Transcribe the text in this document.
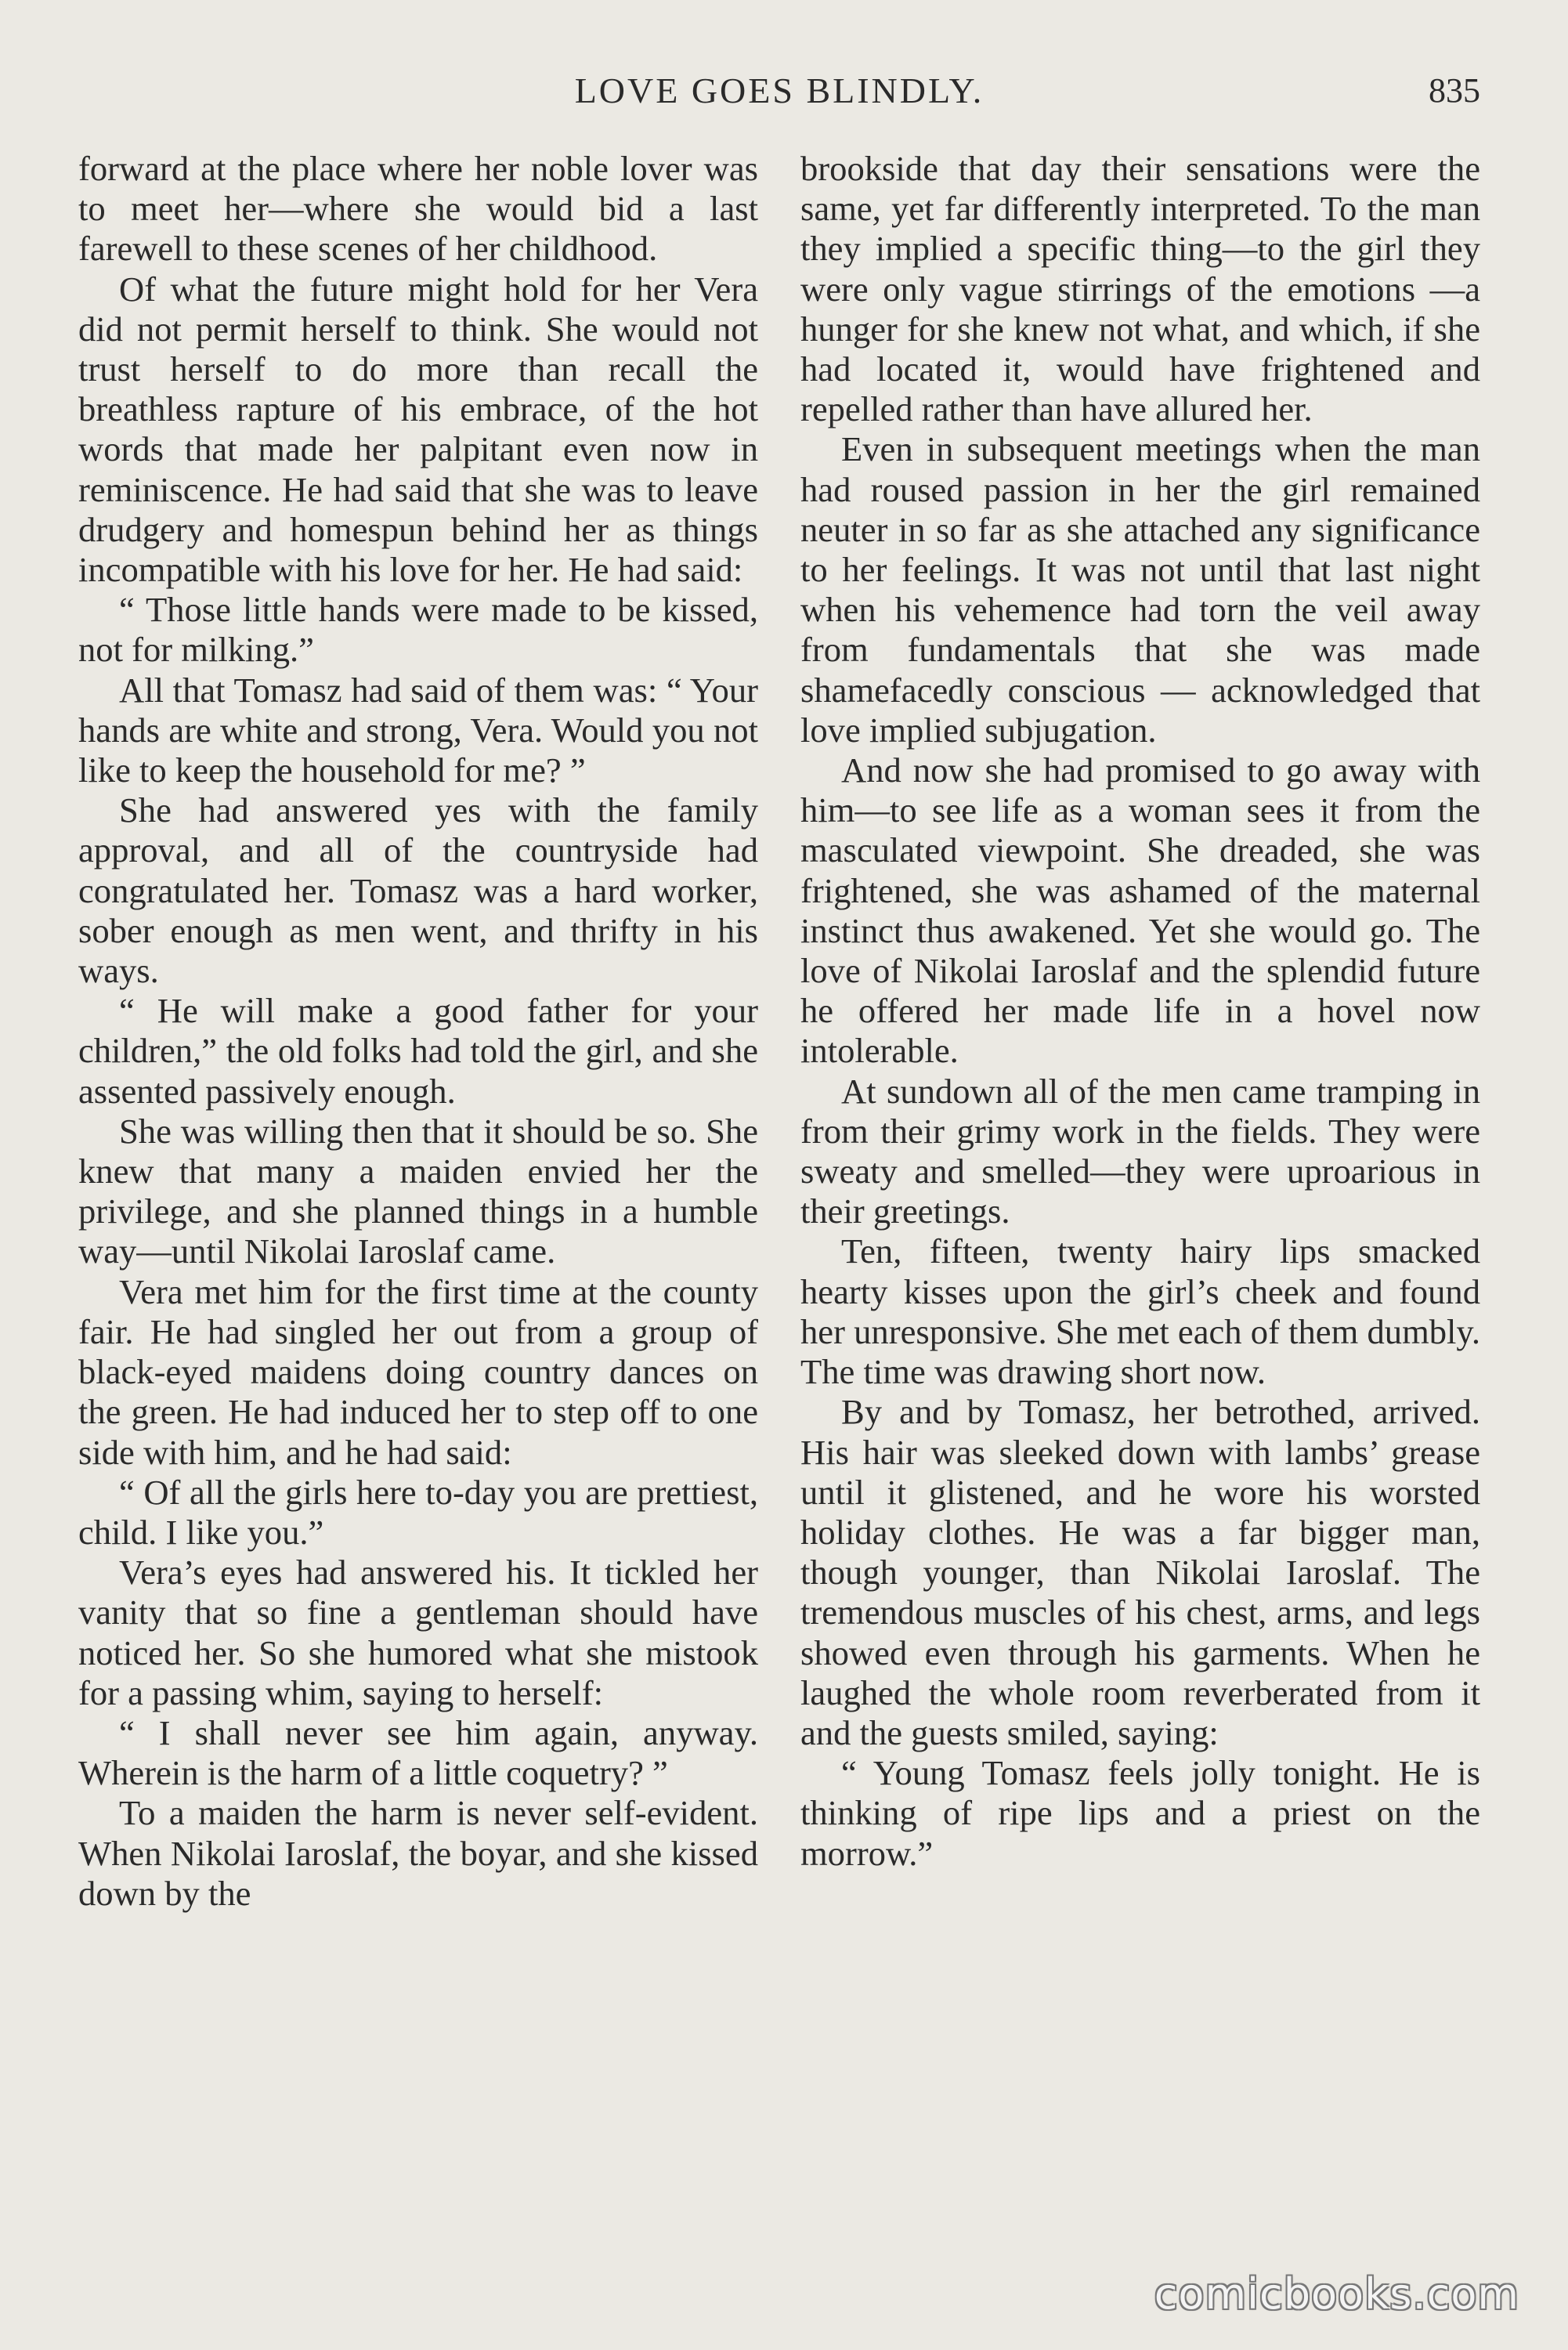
LOVE GOES BLINDLY.	835

forward at the place where her noble lover was to meet her—where she would bid a last farewell to these scenes of her childhood.

Of what the future might hold for her Vera did not permit herself to think. She would not trust herself to do more than recall the breathless rapture of his embrace, of the hot words that made her palpitant even now in reminiscence. He had said that she was to leave drudgery and homespun behind her as things incompatible with his love for her. He had said:

“ Those little hands were made to be kissed, not for milking.”

All that Tomasz had said of them was: “ Your hands are white and strong, Vera. Would you not like to keep the household for me? ”

She had answered yes with the family approval, and all of the countryside had congratulated her. Tomasz was a hard worker, sober enough as men went, and thrifty in his ways.

“ He will make a good father for your children,” the old folks had told the girl, and she assented passively enough.

She was willing then that it should be so. She knew that many a maiden envied her the privilege, and she planned things in a humble way—until Nikolai Iaroslaf came.

Vera met him for the first time at the county fair. He had singled her out from a group of black-eyed maidens doing country dances on the green. He had induced her to step off to one side with him, and he had said:

“ Of all the girls here to-day you are prettiest, child. I like you.”

Vera’s eyes had answered his. It tickled her vanity that so fine a gentleman should have noticed her. So she humored what she mistook for a passing whim, saying to herself:

“ I shall never see him again, anyway. Wherein is the harm of a little coquetry? ”

To a maiden the harm is never self-evident. When Nikolai Iaroslaf, the boyar, and she kissed down by the

brookside that day their sensations were the same, yet far differently interpreted. To the man they implied a specific thing—to the girl they were only vague stirrings of the emotions —a hunger for she knew not what, and which, if she had located it, would have frightened and repelled rather than have allured her.

Even in subsequent meetings when the man had roused passion in her the girl remained neuter in so far as she attached any significance to her feelings. It was not until that last night when his vehemence had torn the veil away from fundamentals that she was made shamefacedly conscious — acknowledged that love implied subjugation.

And now she had promised to go away with him—to see life as a woman sees it from the masculated viewpoint. She dreaded, she was frightened, she was ashamed of the maternal instinct thus awakened. Yet she would go. The love of Nikolai Iaroslaf and the splendid future he offered her made life in a hovel now intolerable.

At sundown all of the men came tramping in from their grimy work in the fields. They were sweaty and smelled—they were uproarious in their greetings.

Ten, fifteen, twenty hairy lips smacked hearty kisses upon the girl’s cheek and found her unresponsive. She met each of them dumbly. The time was drawing short now.

By and by Tomasz, her betrothed, arrived. His hair was sleeked down with lambs’ grease until it glistened, and he wore his worsted holiday clothes. He was a far bigger man, though younger, than Nikolai Iaroslaf. The tremendous muscles of his chest, arms, and legs showed even through his garments. When he laughed the whole room reverberated from it and the guests smiled, saying:

“ Young Tomasz feels jolly tonight. He is thinking of ripe lips and a priest on the morrow.”

comicbooks.com
